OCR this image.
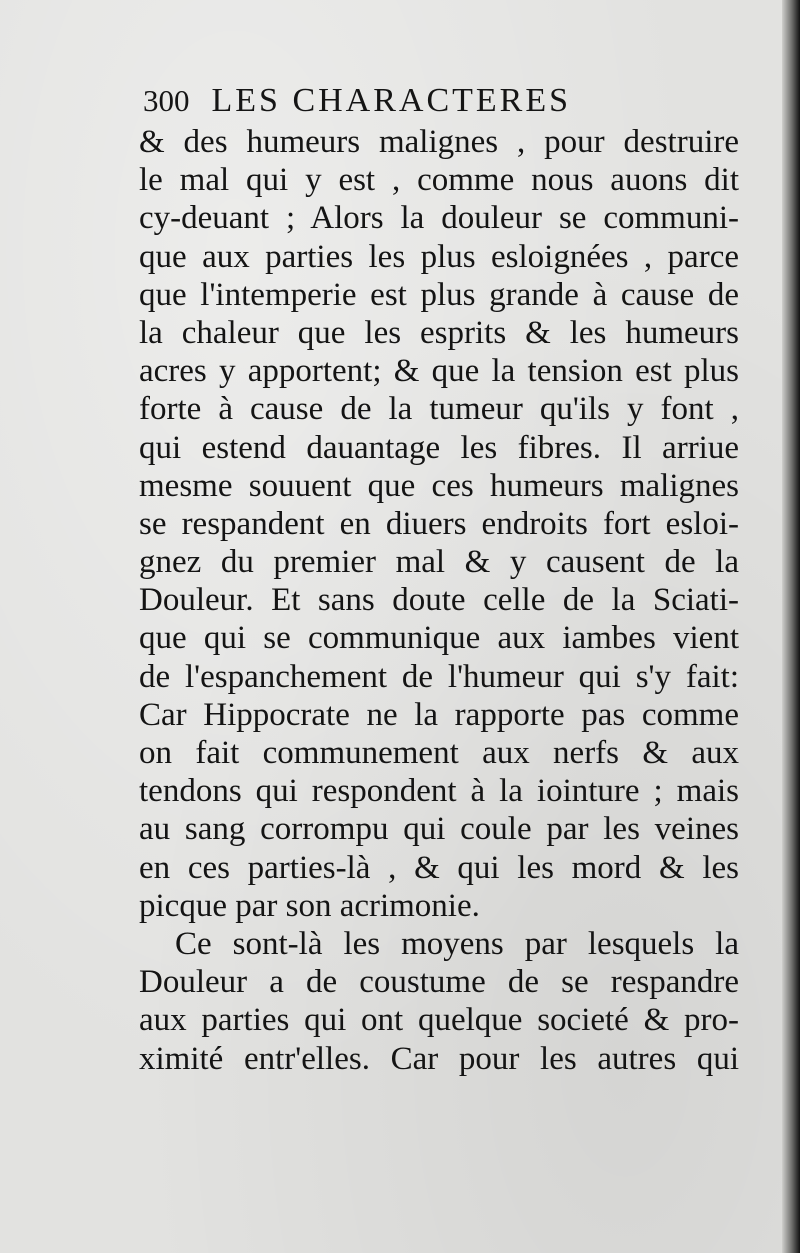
300 LES CHARACTERES
& des humeurs malignes , pour destruire
le mal qui y est , comme nous auons dit
cy-deuant ; Alors la douleur se communi-
que aux parties les plus esloignées , parce
que l'intemperie est plus grande à cause de
la chaleur que les esprits & les humeurs
acres y apportent; & que la tension est plus
forte à cause de la tumeur qu'ils y font ,
qui estend dauantage les fibres. Il arriue
mesme souuent que ces humeurs malignes
se respandent en diuers endroits fort esloi-
gnez du premier mal & y causent de la
Douleur. Et sans doute celle de la Sciati-
que qui se communique aux iambes vient
de l'espanchement de l'humeur qui s'y fait:
Car Hippocrate ne la rapporte pas comme
on fait communement aux nerfs & aux
tendons qui respondent à la iointure ; mais
au sang corrompu qui coule par les veines
en ces parties-là , & qui les mord & les
picque par son acrimonie.
Ce sont-là les moyens par lesquels la
Douleur a de coustume de se respandre
aux parties qui ont quelque societé & pro-
ximité entr'elles. Car pour les autres qui
